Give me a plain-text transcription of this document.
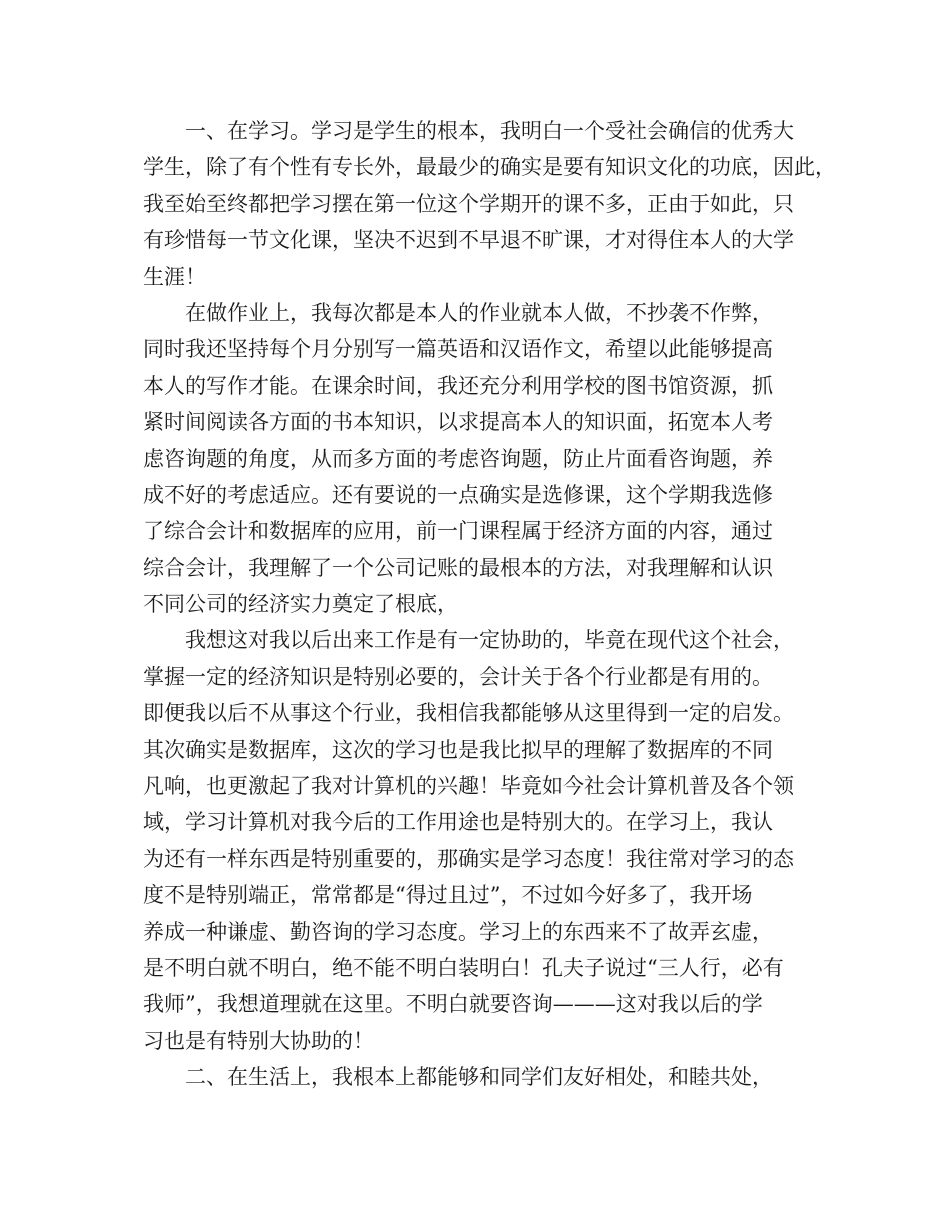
一、在学习。学习是学生的根本，我明白一个受社会确信的优秀大
学生，除了有个性有专长外，最最少的确实是要有知识文化的功底，因此，
我至始至终都把学习摆在第一位这个学期开的课不多，正由于如此，只
有珍惜每一节文化课，坚决不迟到不早退不旷课，才对得住本人的大学
生涯！
在做作业上，我每次都是本人的作业就本人做，不抄袭不作弊，
同时我还坚持每个月分别写一篇英语和汉语作文，希望以此能够提高
本人的写作才能。在课余时间，我还充分利用学校的图书馆资源，抓
紧时间阅读各方面的书本知识，以求提高本人的知识面，拓宽本人考
虑咨询题的角度，从而多方面的考虑咨询题，防止片面看咨询题，养
成不好的考虑适应。还有要说的一点确实是选修课，这个学期我选修
了综合会计和数据库的应用，前一门课程属于经济方面的内容，通过
综合会计，我理解了一个公司记账的最根本的方法，对我理解和认识
不同公司的经济实力奠定了根底，
我想这对我以后出来工作是有一定协助的，毕竟在现代这个社会，
掌握一定的经济知识是特别必要的，会计关于各个行业都是有用的。
即便我以后不从事这个行业，我相信我都能够从这里得到一定的启发。
其次确实是数据库，这次的学习也是我比拟早的理解了数据库的不同
凡响，也更激起了我对计算机的兴趣！毕竟如今社会计算机普及各个领
域，学习计算机对我今后的工作用途也是特别大的。在学习上，我认
为还有一样东西是特别重要的，那确实是学习态度！我往常对学习的态
度不是特别端正，常常都是“得过且过”，不过如今好多了，我开场
养成一种谦虚、勤咨询的学习态度。学习上的东西来不了故弄玄虚，
是不明白就不明白，绝不能不明白装明白！孔夫子说过“三人行，必有
我师”，我想道理就在这里。不明白就要咨询———这对我以后的学
习也是有特别大协助的！
二、在生活上，我根本上都能够和同学们友好相处，和睦共处，
